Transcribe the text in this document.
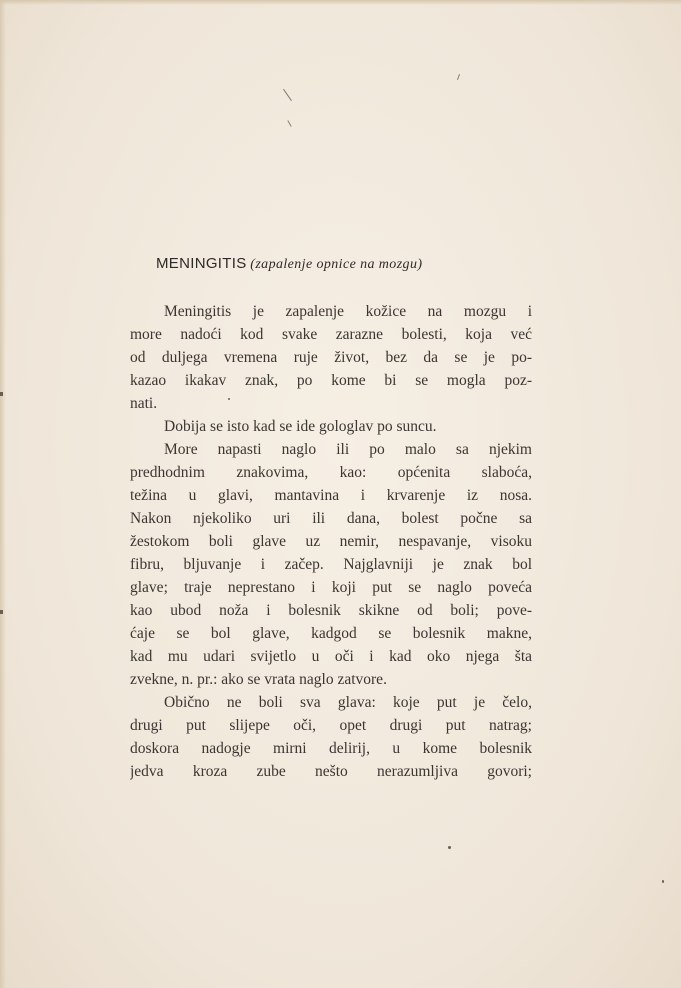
MENINGITIS (zapalenje opnice na mozgu)
Meningitis je zapalenje kožice na mozgu i
more nadoći kod svake zarazne bolesti, koja već
od duljega vremena ruje život, bez da se je po-
kazao ikakav znak, po kome bi se mogla poz-
nati.
Dobija se isto kad se ide gologlav po suncu.
More napasti naglo ili po malo sa njekim
predhodnim znakovima, kao: općenita slaboća,
težina u glavi, mantavina i krvarenje iz nosa.
Nakon njekoliko uri ili dana, bolest počne sa
žestokom boli glave uz nemir, nespavanje, visoku
fibru, bljuvanje i začep. Najglavniji je znak bol
glave; traje neprestano i koji put se naglo poveća
kao ubod noža i bolesnik skikne od boli; pove-
ćaje se bol glave, kadgod se bolesnik makne,
kad mu udari svijetlo u oči i kad oko njega šta
zvekne, n. pr.: ako se vrata naglo zatvore.
Obično ne boli sva glava: koje put je čelo,
drugi put slijepe oči, opet drugi put natrag;
doskora nadogje mirni delirij, u kome bolesnik
jedva kroza zube nešto nerazumljiva govori;
